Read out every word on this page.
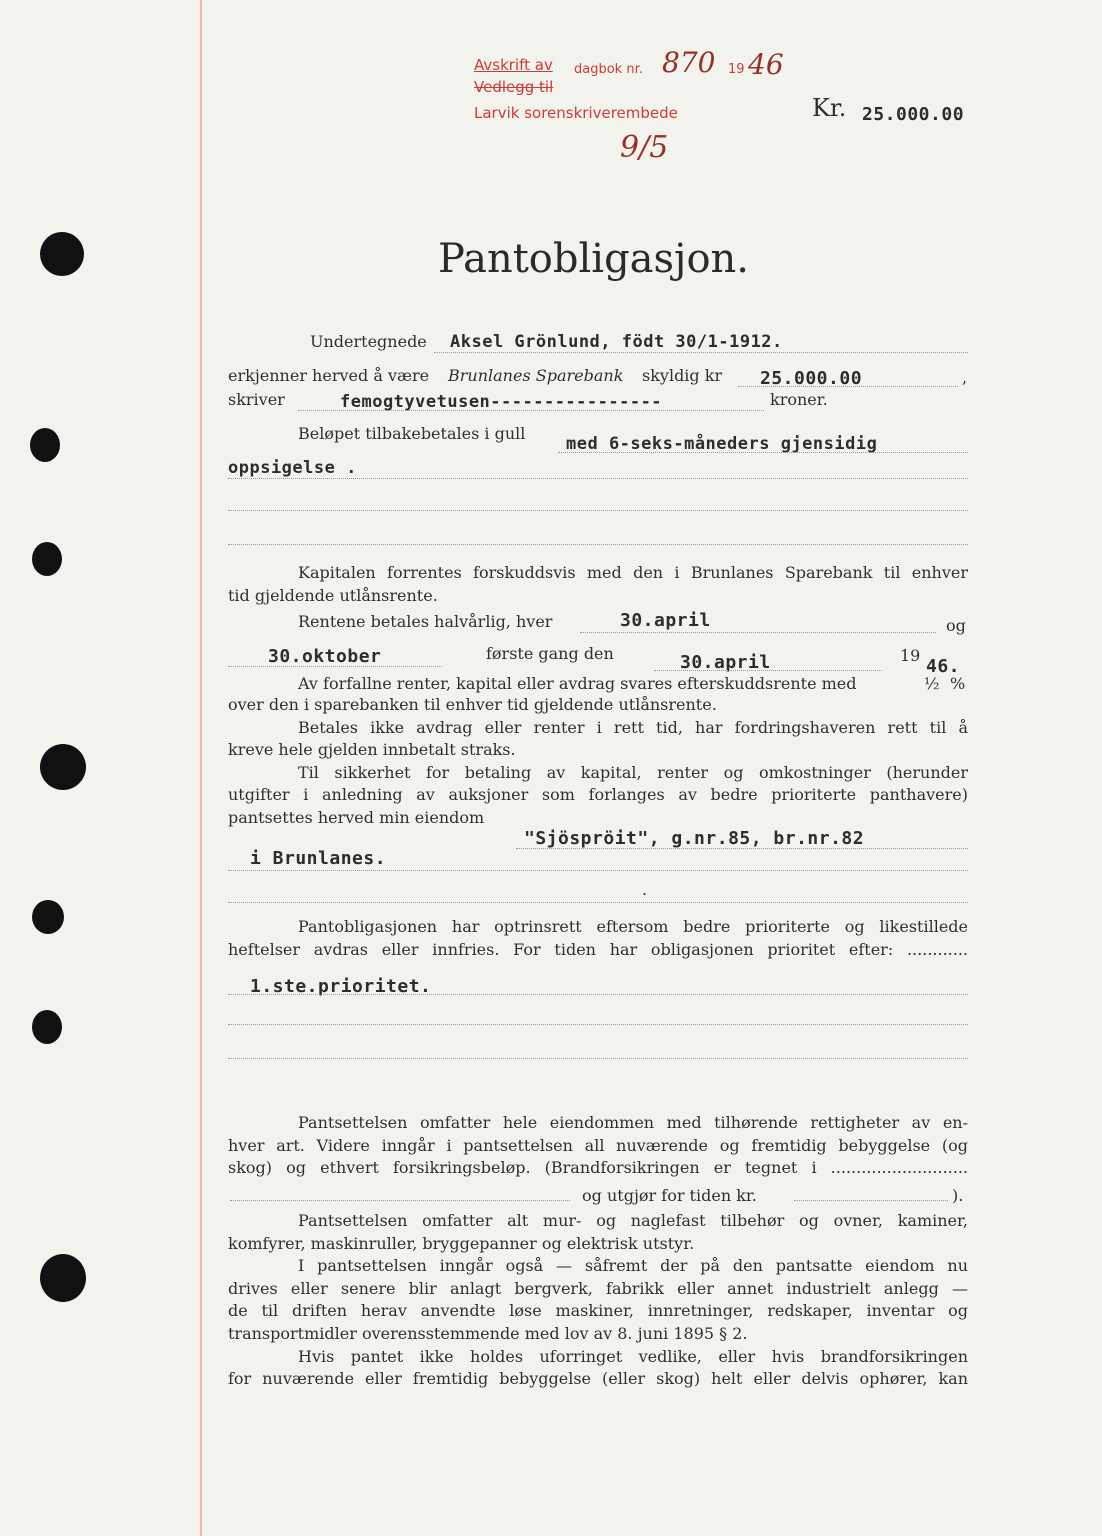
Avskrift av
Vedlegg til
dagbok nr. 870 19 46
Larvik sorenskriverembede	Kr. 25.000.00
9/5
Pantobligasjon.
Undertegnede Aksel Grönlund, födt 30/1-1912.
erkjenner herved å være Brunlanes Sparebank skyldig kr 25.000.00	,
skriver	femogtyvetusen----------------	kroner.
Beløpet tilbakebetales i gull
med 6-seks-måneders gjensidig
oppsigelse .

Kapitalen forrentes forskuddsvis med den i Brunlanes Sparebank til enhver

tid gjeldende utlånsrente.

Rentene betales halvårlig, hver	30.april	og
30.oktober	første gang den	30.april	19
46.
Av forfallne renter, kapital eller avdrag svares efterskuddsrente med	½ %

over den i sparebanken til enhver tid gjeldende utlånsrente.

Betales ikke avdrag eller renter i rett tid, har fordringshaveren rett til å

kreve hele gjelden innbetalt straks.

Til sikkerhet for betaling av kapital, renter og omkostninger (herunder

utgifter i anledning av auksjoner som forlanges av bedre prioriterte panthavere)

pantsettes herved min eiendom

"Sjöspröit", g.nr.85, br.nr.82
i Brunlanes.
.

Pantobligasjonen har optrinsrett eftersom bedre prioriterte og likestillede

heftelser avdras eller innfries. For tiden har obligasjonen prioritet efter: ............

1.ste.prioritet.

Pantsettelsen omfatter hele eiendommen med tilhørende rettigheter av en-

hver art. Videre inngår i pantsettelsen all nuværende og fremtidig bebyggelse (og

skog) og ethvert forsikringsbeløp. (Brandforsikringen er tegnet i ...........................

og utgjør for tiden kr.	).

Pantsettelsen omfatter alt mur- og naglefast tilbehør og ovner, kaminer,

komfyrer, maskinruller, bryggepanner og elektrisk utstyr.

I pantsettelsen inngår også — såfremt der på den pantsatte eiendom nu

drives eller senere blir anlagt bergverk, fabrikk eller annet industrielt anlegg —

de til driften herav anvendte løse maskiner, innretninger, redskaper, inventar og

transportmidler overensstemmende med lov av 8. juni 1895 § 2.

Hvis pantet ikke holdes uforringet vedlike, eller hvis brandforsikringen

for nuværende eller fremtidig bebyggelse (eller skog) helt eller delvis ophører, kan
